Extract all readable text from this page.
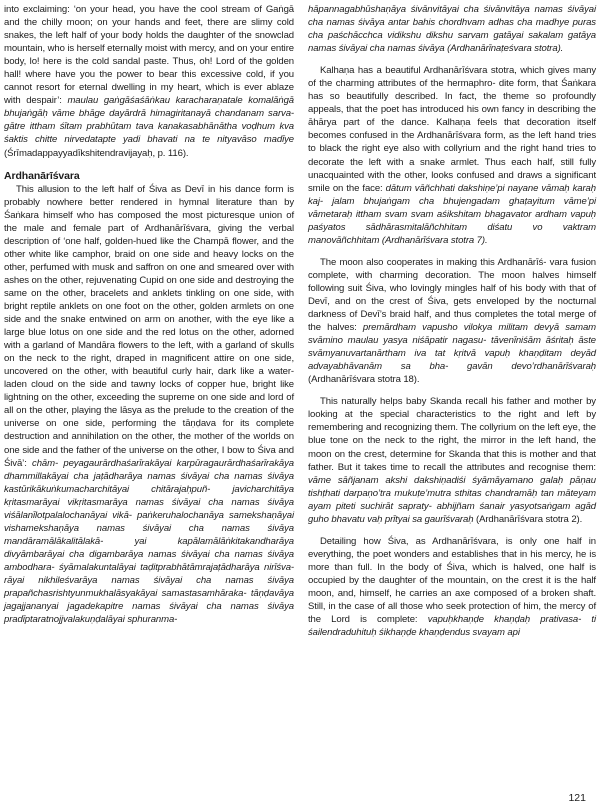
into exclaiming: ‘on your head, you have the cool stream of Gaṅgā and the chilly moon; on your hands and feet, there are slimy cold snakes, the left half of your body holds the daughter of the snowclad mountain, who is herself eternally moist with mercy, and on your entire body, lo! here is the cold sandal paste. Thus, oh! Lord of the golden hall! where have you the power to bear this excessive cold, if you cannot resort for eternal dwelling in my heart, which is ever ablaze with despair’: maulau gaṅgāśaśāṅkau karacharaṇatale komalāṅgā bhujaṅgāḥ vāme bhāge dayārdrā himagiritanayā chandanam sarva- gātre ittham śītam prabhūtam tava kanakasabhānātha voḍhum kva śaktis chitte nirvedatapte yadi bhavati na te nityavāso madīye (Śrīmadappayyadīkshitendravijayaḥ, p. 116).

Ardhanārīśvara

This allusion to the left half of Śiva as Devī in his dance form is probably nowhere better rendered in hymnal literature than by Śaṅkara himself who has composed the most picturesque union of the male and female part of Ardhanārīśvara, giving the verbal description of ‘one half, golden-hued like the Champā flower, and the other white like camphor, braid on one side and heavy locks on the other, perfumed with musk and saffron on one and smeared over with ashes on the other, rejuvenating Cupid on one side and destroying the same on the other, bracelets and anklets tinkling on one side, with bright reptile anklets on one foot on the other, golden armlets on one side and the snake entwined on arm on another, with the eye like a large blue lotus on one side and the red lotus on the other, adorned with a garland of Mandāra flowers to the left, with a garland of skulls on the neck to the right, draped in magnificent attire on one side, uncovered on the other, with beautiful curly hair, dark like a water-laden cloud on the side and tawny locks of copper hue, bright like lightning on the other, exceeding the supreme on one side and lord of all on the other, playing the lāsya as the prelude to the creation of the universe on one side, performing the tāṇḍava for its complete destruction and annihilation on the other, the mother of the worlds on one side and the father of the universe on the other, I bow to Śiva and Śivā’: chām- peyagaurārdhaśarīrakāyai karpūragaurārdhaśarīrakāya dhammillakāyai cha jaṭādharāya namas śivāyai cha namas śivāya kastūrikākuṅkumacharchitāyai chitārajaḥpuñ- javicharchitāya kṛitasmarāyai vikṛitasmarāya namas śivāyai cha namas śivāya viśālanīlotpalalochanāyai vikā- paṅkeruhalochanāya samekshaṇāyai vishamekshaṇāya namas śivāyai cha namas śivāya mandāramālākalitālakā-	yai kapālamālāṅkitakandharāya divyāmbarāyai cha digambarāya namas śivāyai cha namas śivāya ambodhara- śyāmalakuntalāyai taḍitprabhātāmrajaṭādharāya nirīśva- rāyai nikhileśvarāya namas śivāyai cha namas śivāya prapañchasrishtyunmukhalāsyakāyai samastasamhāraka- tāṇḍavāya jagajjananyai jagadekapitre namas śivāyai cha namas śivāya pradīptaratnojjvalakuṇḍalāyai sphuranma-

hāpannagabhūshaṇāya śivānvitāyai cha śivānvitāya namas śivāyai cha namas śivāya antar bahis chordhvam adhas cha madhye puras cha paśchācchca vidikshu dikshu sarvam gatāyai sakalam gatāya namas śivāyai cha namas śivāya (Ardhanārīnaṭeśvara stotra).

Kalhaṇa has a beautiful Ardhanārīśvara stotra, which gives many of the charming attributes of the hermaphro- dite form, that Śaṅkara has so beautifully described. In fact, the theme so profoundly appeals, that the poet has introduced his own fancy in describing the āhārya part of the dance. Kalhaṇa feels that decoration itself becomes confused in the Ardhanārīśvara form, as the left hand tries to black the right eye also with collyrium and the right hand tries to decorate the left with a snake armlet. Thus each half, still fully unacquainted with the other, looks confused and draws a significant smile on the face: dātum vāñchhati dakshiṇe’pi nayane vāmaḥ karaḥ kaj- jalam bhujaṅgam cha bhujengadam ghaṭayitum vāme’pi vāmetaraḥ ittham svam svam aśikshitam bhagavator ardham vapuḥ paśyatos sādhārasmitalāñchhitam diśatu vo vaktram manovāñchhitam (Ardhanārīśvara stotra 7).

The moon also cooperates in making this Ardhanārīś- vara fusion complete, with charming decoration. The moon halves himself following suit Śiva, who lovingly mingles half of his body with that of Devī, and on the crest of Śiva, gets enveloped by the nocturnal darkness of Devī’s braid half, and thus completes the total merge of the halves: premārdham vapusho vilokya militam devyā samam svāmino maulau yasya niśāpatir nagasu- tāvenīniśām āśritaḥ āste svāmyanuvartanārtham iva tat kṛitvā vapuḥ khaṇḍitam deyād advayabhāvanām sa bha- gavān devo’rdhanārīśvaraḥ (Ardhanārīśvara stotra 18).

This naturally helps baby Skanda recall his father and mother by looking at the special characteristics to the right and left by remembering and recognizing them. The collyrium on the left eye, the blue tone on the neck to the right, the mirror in the left hand, the moon on the crest, determine for Skanda that this is mother and that father. But it takes time to recall the attributes and recognise them: vāme sāñjanam akshi dakshiṇadiśi śyāmāyamano galaḥ pāṇau tishṭhati darpaṇo’tra mukuṭe’mutra sthitas chandramāḥ tan māteyam ayam piteti suchirāt sapraty- abhijñam śanair yasyotsaṅgam agād guho bhavatu vaḥ prītyai sa gaurīśvaraḥ (Ardhanārīśvara stotra 2).

Detailing how Śiva, as Ardhanārīśvara, is only one half in everything, the poet wonders and establishes that in his mercy, he is more than full. In the body of Śiva, which is halved, one half is occupied by the daughter of the mountain, on the crest it is the half moon, and, himself, he carries an axe composed of a broken shaft. Still, in the case of all those who seek protection of him, the mercy of the Lord is complete: vapuḥkhaṇḍe khaṇḍaḥ prativasa- ti śailendraduhituḥ śikhaṇḍe khaṇḍendus svayam api

121
